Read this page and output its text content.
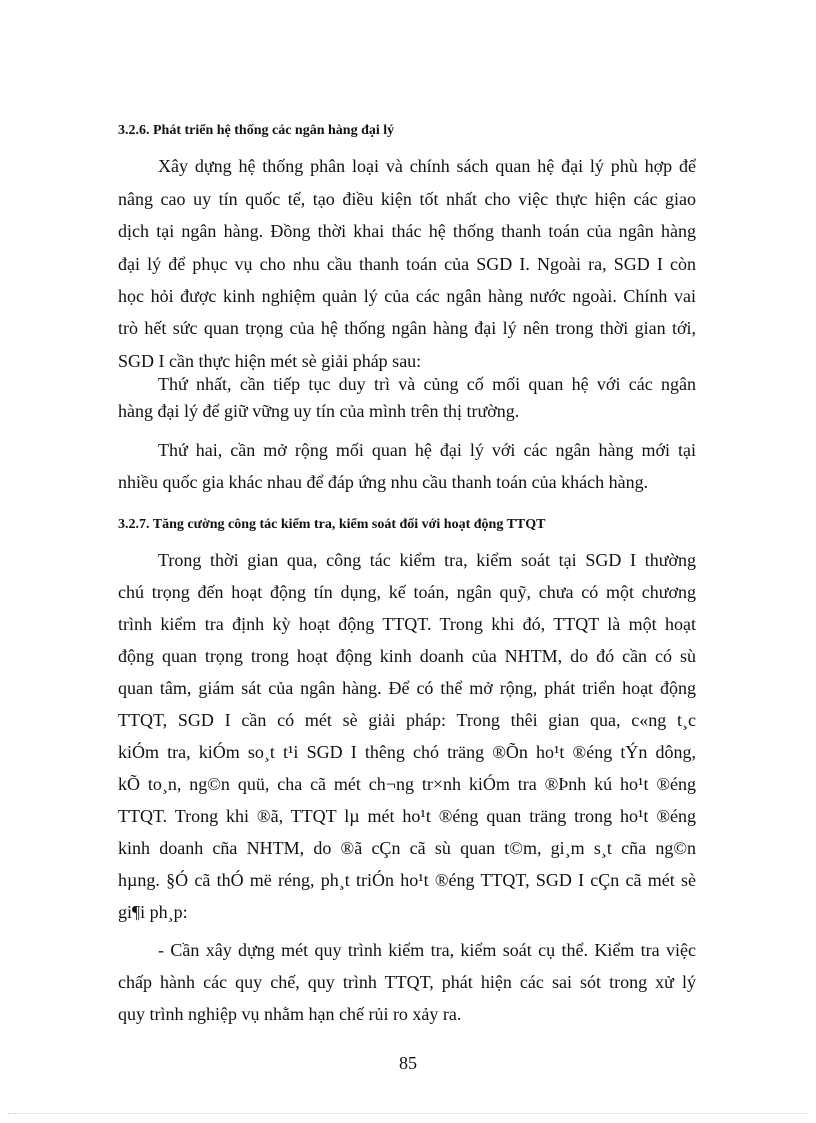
3.2.6. Phát triển hệ thống các ngân hàng đại lý
Xây dựng hệ thống phân loại và chính sách quan hệ đại lý phù hợp để
nâng cao uy tín quốc tế, tạo điều kiện tốt nhất cho việc thực hiện các giao
dịch tại ngân hàng. Đồng thời khai thác hệ thống thanh toán của ngân hàng
đại lý để phục vụ cho nhu cầu thanh toán của SGD I. Ngoài ra, SGD I còn
học hỏi được kinh nghiệm quản lý của các ngân hàng nước ngoài. Chính vai
trò hết sức quan trọng của hệ thống ngân hàng đại lý nên trong thời gian tới,
SGD I cần thực hiện mét sè giải pháp sau:
Thứ nhất, cần tiếp tục duy trì và củng cố mối quan hệ với các ngân
hàng đại lý để giữ vững uy tín của mình trên thị trường.
Thứ hai, cần mở rộng mối quan hệ đại lý với các ngân hàng mới tại
nhiều quốc gia khác nhau để đáp ứng nhu cầu thanh toán của khách hàng.
3.2.7. Tăng cường công tác kiểm tra, kiểm soát đối với hoạt động TTQT
Trong thời gian qua, công tác kiểm tra, kiểm soát tại SGD I thường
chú trọng đến hoạt động tín dụng, kế toán, ngân quỹ, chưa có một chương
trình kiểm tra định kỳ hoạt động TTQT. Trong khi đó, TTQT là một hoạt
động quan trọng trong hoạt động kinh doanh của NHTM, do đó cần có sù
quan tâm, giám sát của ngân hàng. Để có thể mở rộng, phát triển hoạt động
TTQT, SGD I cần có mét sè giải pháp: Trong thêi gian qua, c«ng t¸c
kiÓm tra, kiÓm so¸t t¹i SGD I thêng chó träng ®Õn ho¹t ®éng tÝn dông,
kÕ to¸n, ng©n quü, cha cã mét ch¬ng tr×nh kiÓm tra ®Þnh kú ho¹t ®éng
TTQT. Trong khi ®ã, TTQT lµ mét ho¹t ®éng quan träng trong ho¹t ®éng
kinh doanh cña NHTM, do ®ã cÇn cã sù quan t©m, gi¸m s¸t cña ng©n
hµng. §Ó cã thÓ më réng, ph¸t triÓn ho¹t ®éng TTQT, SGD I cÇn cã mét sè
gi¶i ph¸p:
- Cần xây dựng mét quy trình kiểm tra, kiểm soát cụ thể. Kiểm tra việc
chấp hành các quy chế, quy trình TTQT, phát hiện các sai sót trong xử lý
quy trình nghiệp vụ nhằm hạn chế rủi ro xảy ra.
85
